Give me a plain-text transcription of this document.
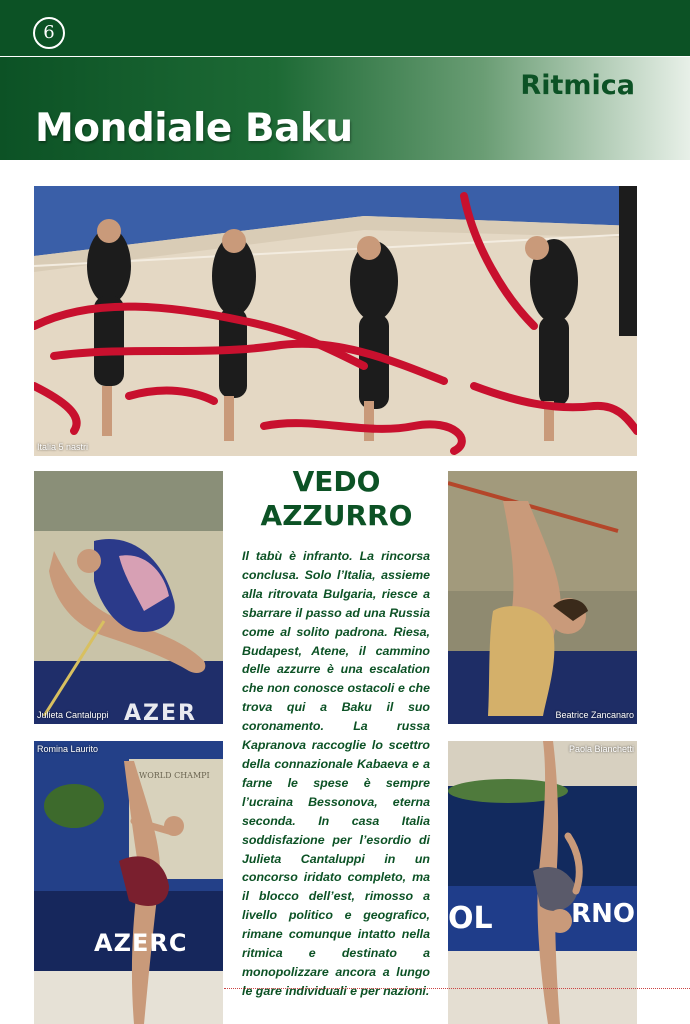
6
Ritmica
Mondiale Baku
Italia 5 nastri
AZER
Julieta Cantaluppi	Beatrice Zancanaro
WORLD CHAMPI
AZERC
Romina Laurito
OL	RNO
Paola Bianchetti
VEDO
AZZURRO
Il tabù è infranto. La rincorsa conclusa. Solo l’Italia, assieme alla ritrovata Bulgaria, riesce a sbarrare il passo ad una Russia come al solito padrona. Riesa, Budapest, Atene, il cammino delle azzurre è una escalation che non conosce ostacoli e che trova qui a Baku il suo coronamento. La russa Kapranova raccoglie lo scettro della connazionale Kabaeva e a farne le spese è sempre l’ucraina Bessonova, eterna seconda. In casa Italia soddisfazione per l’esordio di Julieta Cantaluppi in un concorso iridato completo, ma il blocco dell’est, rimosso a livello politico e geografico, rimane comunque intatto nella ritmica e destinato a monopolizzare ancora a lungo le gare individuali e per nazioni.
